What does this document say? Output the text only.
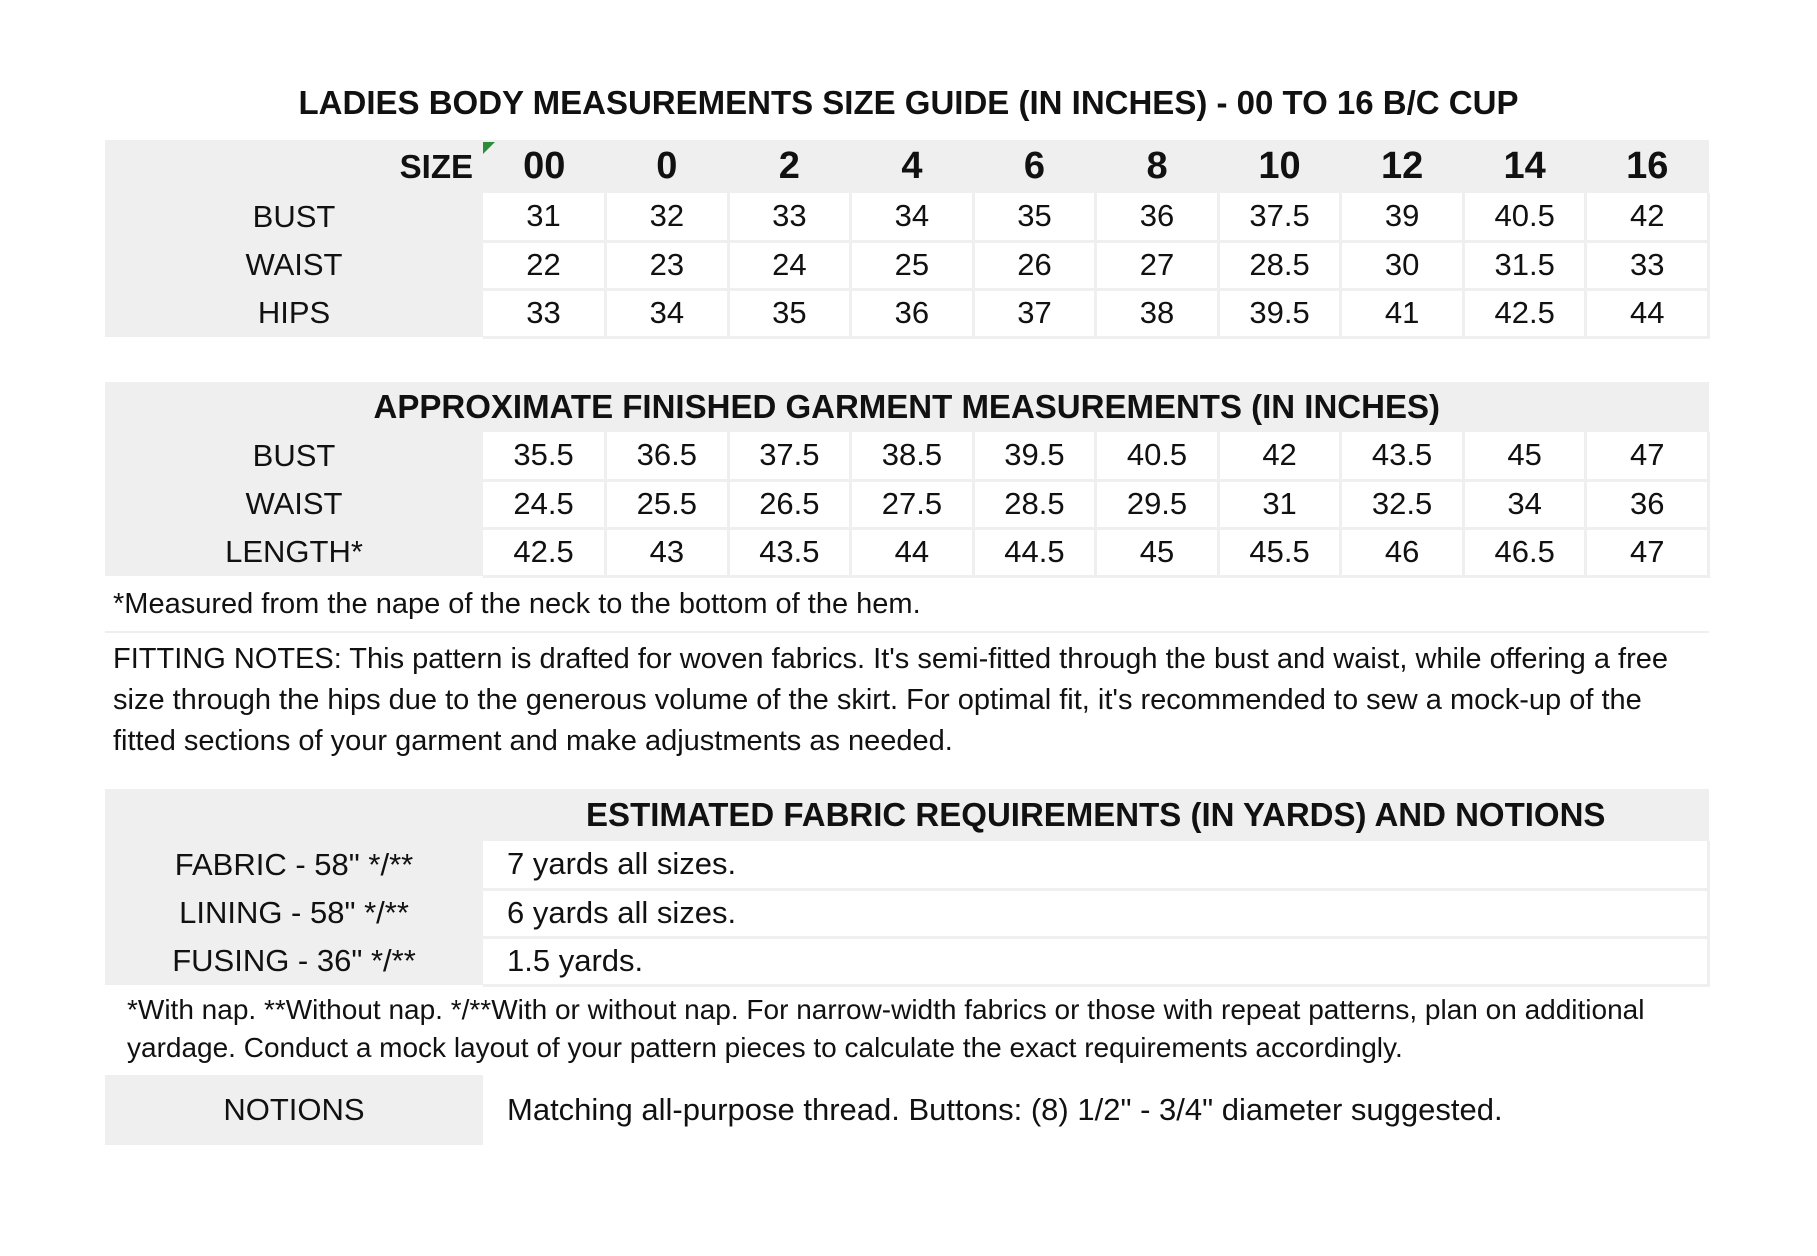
LADIES BODY MEASUREMENTS SIZE GUIDE (IN INCHES) - 00 TO 16 B/C CUP
SIZE	00	0	2	4	6	8	10	12	14	16
BUST	31	32	33	34	35	36	37.5	39	40.5	42
WAIST	22	23	24	25	26	27	28.5	30	31.5	33
HIPS	33	34	35	36	37	38	39.5	41	42.5	44
APPROXIMATE FINISHED GARMENT MEASUREMENTS (IN INCHES)										
BUST	35.5	36.5	37.5	38.5	39.5	40.5	42	43.5	45	47
WAIST	24.5	25.5	26.5	27.5	28.5	29.5	31	32.5	34	36
LENGTH*	42.5	43	43.5	44	44.5	45	45.5	46	46.5	47
*Measured from the nape of the neck to the bottom of the hem.										
FITTING NOTES: This pattern is drafted for woven fabrics. It's semi-fitted through the bust and waist, while offering a free size through the hips due to the generous volume of the skirt. For optimal fit, it's recommended to sew a mock-up of the fitted sections of your garment and make adjustments as needed.										
	ESTIMATED FABRIC REQUIREMENTS (IN YARDS) AND NOTIONS
FABRIC - 58" */**	7 yards all sizes.
LINING - 58" */**	6 yards all sizes.
FUSING - 36" */**	1.5 yards.
*With nap. **Without nap. */**With or without nap. For narrow-width fabrics or those with repeat patterns, plan on additional yardage. Conduct a mock layout of your pattern pieces to calculate the exact requirements accordingly.	
NOTIONS	Matching all-purpose thread. Buttons: (8) 1/2" - 3/4" diameter suggested.
